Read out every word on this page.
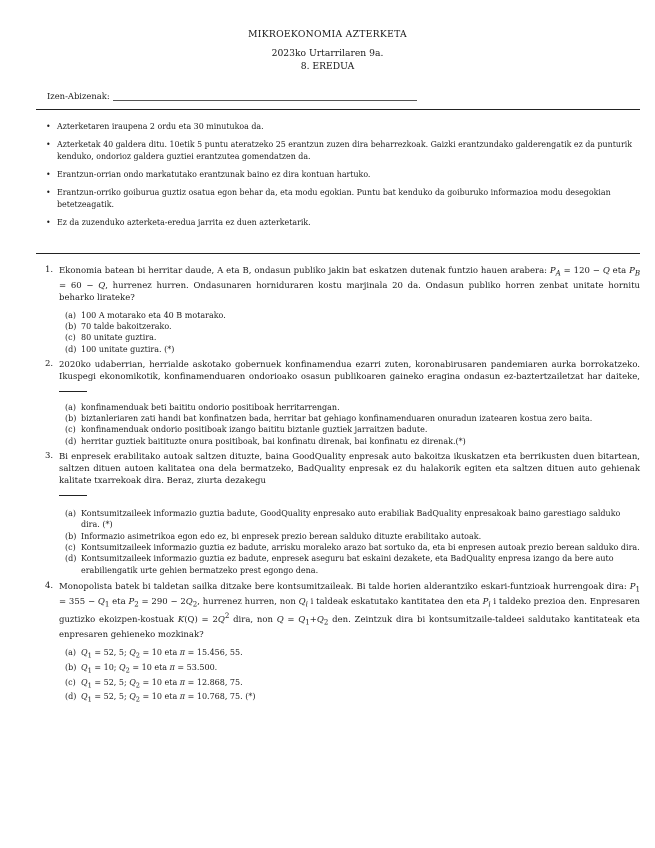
MIKROEKONOMIA AZTERKETA
2023ko Urtarrilaren 9a.
8. EREDUA
Izen-Abizenak :
• Azterketaren iraupena 2 ordu eta 30 minutukoa da.
• Azterketak 40 galdera ditu. 10etik 5 puntu ateratzeko 25 erantzun zuzen dira beharrezkoak. Gaizki erantzundako galderengatik ez da punturik kenduko, ondorioz galdera guztiei erantzutea gomendatzen da.
• Erantzun-orrian ondo markatutako erantzunak baino ez dira kontuan hartuko.
• Erantzun-orriko goiburua guztiz osatua egon behar da, eta modu egokian. Puntu bat kenduko da goiburuko informazioa modu desegokian betetzeagatik.
• Ez da zuzenduko azterketa-eredua jarrita ez duen azterketarik.
1. Ekonomia batean bi herritar daude, A eta B, ondasun publiko jakin bat eskatzen dutenak funtzio hauen arabera: $P_A = 120 - Q$ eta $P_B = 60 - Q$, hurrenez hurren. Ondasunaren horniduraren kostu marjinala 20 da. Ondasun publiko horren zenbat unitate hornitu beharko lirateke?
(a) 100 A motarako eta 40 B motarako.
(b) 70 talde bakoitzerako.
(c) 80 unitate guztira.
(d) 100 unitate guztira. (*)
2. 2020ko udaberrian, herrialde askotako gobernuek konfinamendua ezarri zuten, koronabirusaren pandemiaren aurka borrokatzeko. Ikuspegi ekonomikotik, konfinamenduaren ondorioako osasun publikoaren gaineko eragina ondasun ez-baztertzailetzat har daiteke,
(a) konfinamenduak beti baititu ondorio positiboak herritarrengan.
(b) biztanleriaren zati handi bat konfinatzen bada, herritar bat gehiago konfinamenduaren onuradun izatearen kostua zero baita.
(c) konfinamenduak ondorio positiboak izango baititu biztanle guztiek jarraitzen badute.
(d) herritar guztiek baitituzte onura positiboak, bai konfinatu direnak, bai konfinatu ez direnak.(*)
3. Bi enpresek erabilitako autoak saltzen dituzte, baina GoodQuality enpresak auto bakoitza ikuskatzen eta berrikusten duen bitartean, saltzen dituen autoen kalitatea ona dela bermatzeko, BadQuality enpresak ez du halakorik egiten eta saltzen dituen auto gehienak kalitate txarrekoak dira. Beraz, ziurta dezakegu

(a) Kontsumitzaileek informazio guztia badute, GoodQuality enpresako auto erabiliak BadQuality enpresakoak baino garestiago salduko dira. (*)
(b) Informazio asimetrikoa egon edo ez, bi enpresek prezio berean salduko dituzte erabilitako autoak.
(c) Kontsumitzaileek informazio guztia ez badute, arrisku moraleko arazo bat sortuko da, eta bi enpresen autoak prezio berean salduko dira.
(d) Kontsumitzaileek informazio guztia ez badute, enpresek aseguru bat eskaini dezakete, eta BadQuality enpresa izango da bere auto erabiliengatik urte gehien bermatzeko prest egongo dena.
4. Monopolista batek bi taldetan sailka ditzake bere kontsumitzaileak. Bi talde horien alderantziko eskari-funtzioak hurrengoak dira: $P_1 = 355 - Q_1$ eta $P_2 = 290 - 2Q_2$, hurrenez hurren, non $Q_i$ i taldeak eskatutako kantitatea den eta $P_i$ i taldeko prezioa den. Enpresaren guztizko ekoizpen-kostuak $K(Q) = 2Q^2$ dira, non $Q = Q_1+Q_2$ den. Zeintzuk dira bi kontsumitzaile-taldeei saldutako kantitateak eta enpresaren gehieneko mozkinak?
(a) $Q_1 = 52$, 5; $Q_2 = 10$ eta π = 15.456, 55.
(b) $Q_1 = 10$; $Q_2 = 10$ eta π = 53.500.
(c) $Q_1 = 52$, 5; $Q_2 = 10$ eta π = 12.868, 75.
(d) $Q_1 = 52$, 5; $Q_2 = 10$ eta π = 10.768, 75. (*)
